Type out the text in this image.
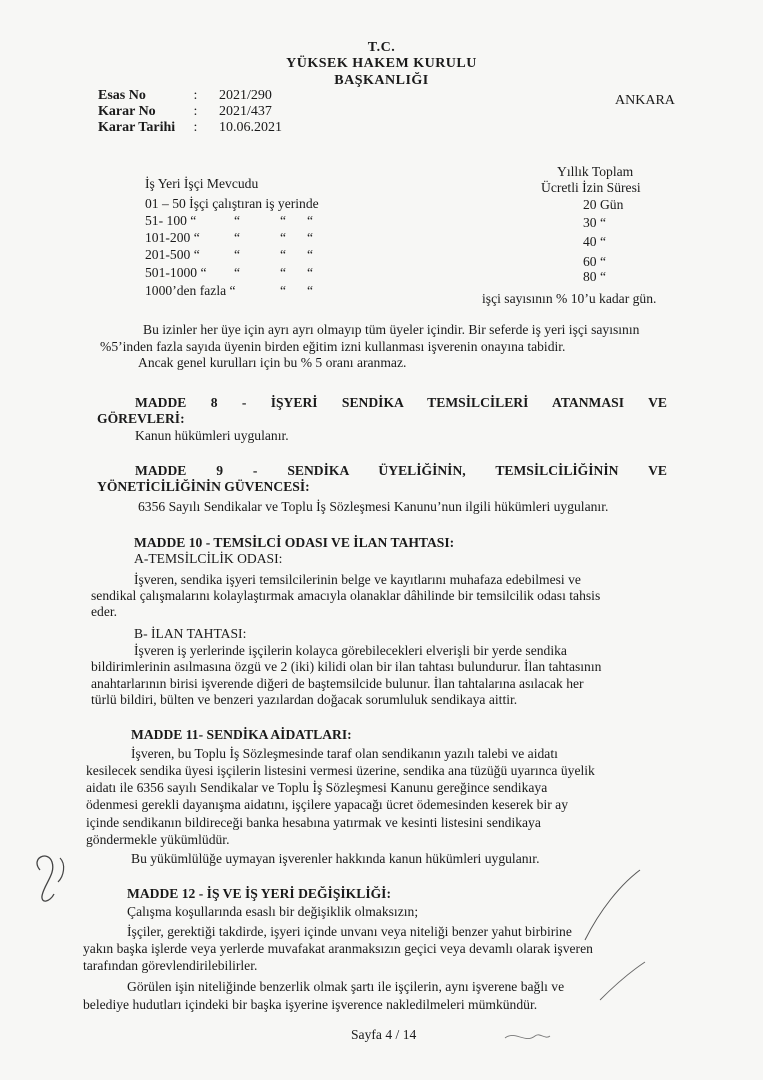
T.C.
YÜKSEK HAKEM KURULU
BAŞKANLIĞI
Esas No	: 2021/290
Karar No	: 2021/437
Karar Tarihi : 10.06.2021
ANKARA
Yıllık Toplam
Ücretli İzin Süresi
İş Yeri İşçi Mevcudu
01 – 50 İşçi çalıştıran iş yerinde	20 Gün
51- 100 “	“	“ “	30 “
101-200 “	“	“ “	40 “
201-500 “	“	“ “	60 “
501-1000 “ “	“ “	80 “
1000’den fazla “	“ “
işçi sayısının % 10’u kadar gün.
Bu izinler her üye için ayrı ayrı olmayıp tüm üyeler içindir. Bir seferde iş yeri işçi sayısının
%5’inden fazla sayıda üyenin birden eğitim izni kullanması işverenin onayına tabidir.
Ancak genel kurulları için bu % 5 oranı aranmaz.
MADDE 8 - İŞYERİ SENDİKA TEMSİLCİLERİ ATANMASI VE
GÖREVLERİ:
Kanun hükümleri uygulanır.
MADDE 9 - SENDİKA ÜYELİĞİNİN, TEMSİLCİLİĞİNİN VE
YÖNETİCİLİĞİNİN GÜVENCESİ:
6356 Sayılı Sendikalar ve Toplu İş Sözleşmesi Kanunu’nun ilgili hükümleri uygulanır.
MADDE 10 - TEMSİLCİ ODASI VE İLAN TAHTASI:
A-TEMSİLCİLİK ODASI:
İşveren, sendika işyeri temsilcilerinin belge ve kayıtlarını muhafaza edebilmesi ve
sendikal çalışmalarını kolaylaştırmak amacıyla olanaklar dâhilinde bir temsilcilik odası tahsis
eder.
B- İLAN TAHTASI:
İşveren iş yerlerinde işçilerin kolayca görebilecekleri elverişli bir yerde sendika
bildirimlerinin asılmasına özgü ve 2 (iki) kilidi olan bir ilan tahtası bulundurur. İlan tahtasının
anahtarlarının birisi işverende diğeri de baştemsilcide bulunur. İlan tahtalarına asılacak her
türlü bildiri, bülten ve benzeri yazılardan doğacak sorumluluk sendikaya aittir.
MADDE 11- SENDİKA AİDATLARI:
İşveren, bu Toplu İş Sözleşmesinde taraf olan sendikanın yazılı talebi ve aidatı
kesilecek sendika üyesi işçilerin listesini vermesi üzerine, sendika ana tüzüğü uyarınca üyelik
aidatı ile 6356 sayılı Sendikalar ve Toplu İş Sözleşmesi Kanunu gereğince sendikaya
ödenmesi gerekli dayanışma aidatını, işçilere yapacağı ücret ödemesinden keserek bir ay
içinde sendikanın bildireceği banka hesabına yatırmak ve kesinti listesini sendikaya
göndermekle yükümlüdür.
Bu yükümlülüğe uymayan işverenler hakkında kanun hükümleri uygulanır.
MADDE 12 - İŞ VE İŞ YERİ DEĞİŞİKLİĞİ:
Çalışma koşullarında esaslı bir değişiklik olmaksızın;
İşçiler, gerektiği takdirde, işyeri içinde unvanı veya niteliği benzer yahut birbirine
yakın başka işlerde veya yerlerde muvafakat aranmaksızın geçici veya devamlı olarak işveren
tarafından görevlendirilebilirler.
Görülen işin niteliğinde benzerlik olmak şartı ile işçilerin, aynı işverene bağlı ve
belediye hudutları içindeki bir başka işyerine işverence nakledilmeleri mümkündür.
Sayfa 4 / 14
